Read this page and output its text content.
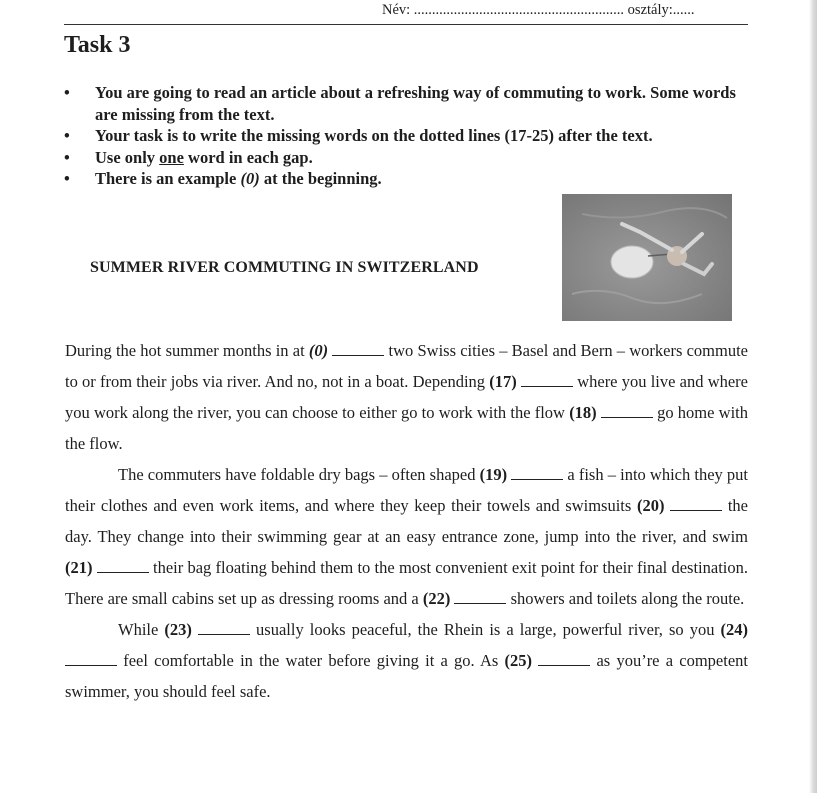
Név: .......................................................... osztály:......
Task 3
• You are going to read an article about a refreshing way of commuting to work. Some words are missing from the text.
• Your task is to write the missing words on the dotted lines (17-25) after the text.
• Use only one word in each gap.
• There is an example (0) at the beginning.
SUMMER RIVER COMMUTING IN SWITZERLAND

During the hot summer months in at (0)	two Swiss cities – Basel and Bern – workers commute to or from their jobs via river. And no, not in a boat. Depending (17)	where you live and where you work along the river, you can choose to either go to work with the flow (18)	go home with the flow.

The commuters have foldable dry bags – often shaped (19)	a fish – into which they put their clothes and even work items, and where they keep their towels and swimsuits (20)	the day. They change into their swimming gear at an easy entrance zone, jump into the river, and swim (21)	their bag floating behind them to the most convenient exit point for their final destination. There are small cabins set up as dressing rooms and a (22)	showers and toilets along the route.

While (23)	usually looks peaceful, the Rhein is a large, powerful river, so you (24)  feel comfortable in the water before giving it a go. As (25)	as you’re a competent swimmer, you should feel safe.
